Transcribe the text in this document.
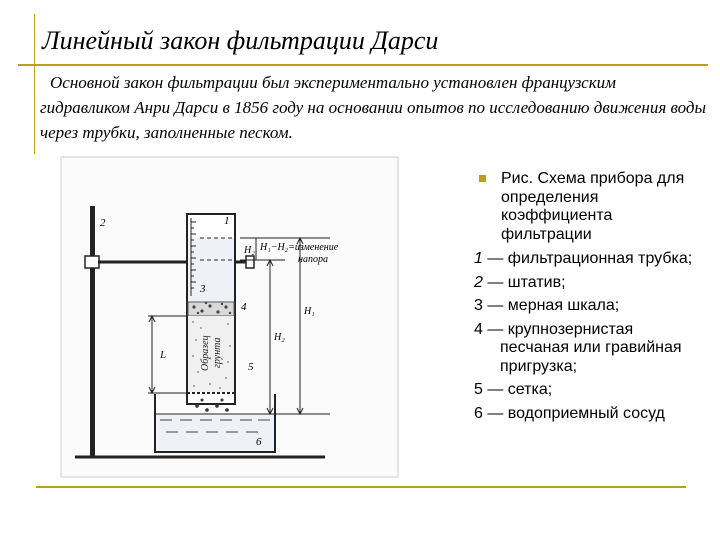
Линейный закон фильтрации Дарси

Основной закон фильтрации был экспериментально установлен французским гидравликом Анри Дарси в 1856 году на основании опытов по исследованию движения воды через трубки, заполненные песком.

Образец грунта
1
2
3
4
5
6
H₂
H₂
H₁
L
H₁−H₂=изменение
напора
Рис. Схема прибора для определения коэффициента фильтрации

1 — фильтрационная трубка;

2 — штатив;

3 — мерная шкала;

4 — крупнозернистая песчаная или гравийная пригрузка;

5 — сетка;

6 — водоприемный сосуд
